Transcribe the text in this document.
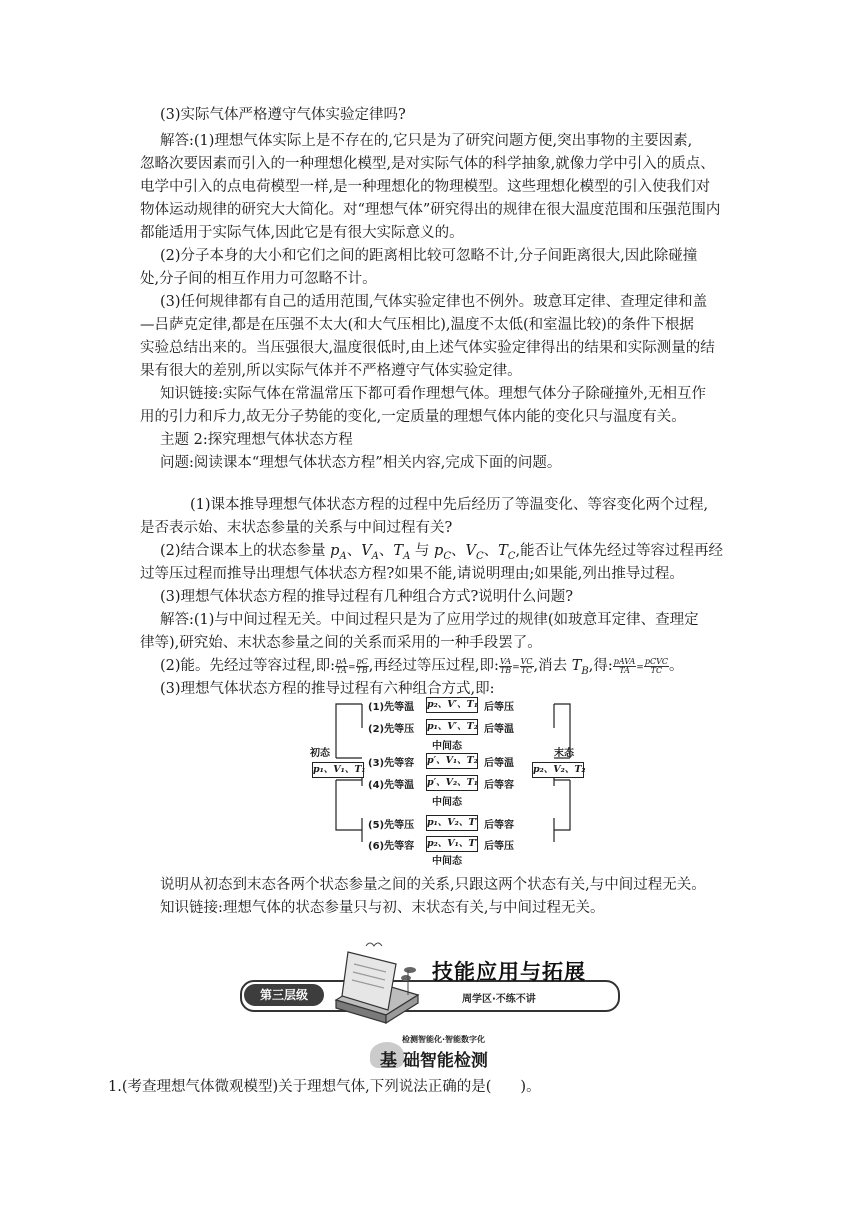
(3)实际气体严格遵守气体实验定律吗?
解答:(1)理想气体实际上是不存在的,它只是为了研究问题方便,突出事物的主要因素,
忽略次要因素而引入的一种理想化模型,是对实际气体的科学抽象,就像力学中引入的质点、
电学中引入的点电荷模型一样,是一种理想化的物理模型。这些理想化模型的引入使我们对
物体运动规律的研究大大简化。对“理想气体”研究得出的规律在很大温度范围和压强范围内
都能适用于实际气体,因此它是有很大实际意义的。
(2)分子本身的大小和它们之间的距离相比较可忽略不计,分子间距离很大,因此除碰撞
处,分子间的相互作用力可忽略不计。
(3)任何规律都有自己的适用范围,气体实验定律也不例外。玻意耳定律、查理定律和盖
—吕萨克定律,都是在压强不太大(和大气压相比),温度不太低(和室温比较)的条件下根据
实验总结出来的。当压强很大,温度很低时,由上述气体实验定律得出的结果和实际测量的结
果有很大的差别,所以实际气体并不严格遵守气体实验定律。
知识链接:实际气体在常温常压下都可看作理想气体。理想气体分子除碰撞外,无相互作
用的引力和斥力,故无分子势能的变化,一定质量的理想气体内能的变化只与温度有关。
主题 2:探究理想气体状态方程
问题:阅读课本“理想气体状态方程”相关内容,完成下面的问题。
(1)课本推导理想气体状态方程的过程中先后经历了等温变化、等容变化两个过程,
是否表示始、末状态参量的关系与中间过程有关?
(2)结合课本上的状态参量 $p_A$、$V_A$、$T_A$ 与 $p_C$、$V_C$、$T_C$,能否让气体先经过等容过程再经
过等压过程而推导出理想气体状态方程?如果不能,请说明理由;如果能,列出推导过程。
(3)理想气体状态方程的推导过程有几种组合方式?说明什么问题?
解答:(1)与中间过程无关。中间过程只是为了应用学过的规律(如玻意耳定律、查理定
律等),研究始、末状态参量之间的关系而采用的一种手段罢了。
(2)能。先经过等容过程,即: $\frac{pA}{TA} = \frac{pC}{TB}$ ,再经过等压过程,即: $\frac{VA}{TB} = \frac{VC}{TC}$ ,消去 $T_B$,得: $\frac{\text{pAVA}}{TA} = \frac{\text{pCVC}}{TC}$ 。
(3)理想气体状态方程的推导过程有六种组合方式,即:
初态
p₁、V₁、T₁
末态
p₂、V₂、T₂
(1)先等温 p₂、V′、T₁ 后等压
(2)先等压 p₁、V′、T₂ 后等温
中间态
(3)先等容 p′、V₁、T₂ 后等温
(4)先等温 p′、V₂、T₁ 后等容
中间态
(5)先等压 p₁、V₂、T′ 后等容
(6)先等容 p₂、V₁、T′ 后等压
中间态
说明从初态到末态各两个状态参量之间的关系,只跟这两个状态有关,与中间过程无关。
知识链接:理想气体的状态参量只与初、末状态有关,与中间过程无关。
第三层级
技能应用与拓展
周学区·不练不讲
检测智能化·智能数字化
基 础智能检测
1.(考查理想气体微观模型)关于理想气体,下列说法正确的是(　　)。
